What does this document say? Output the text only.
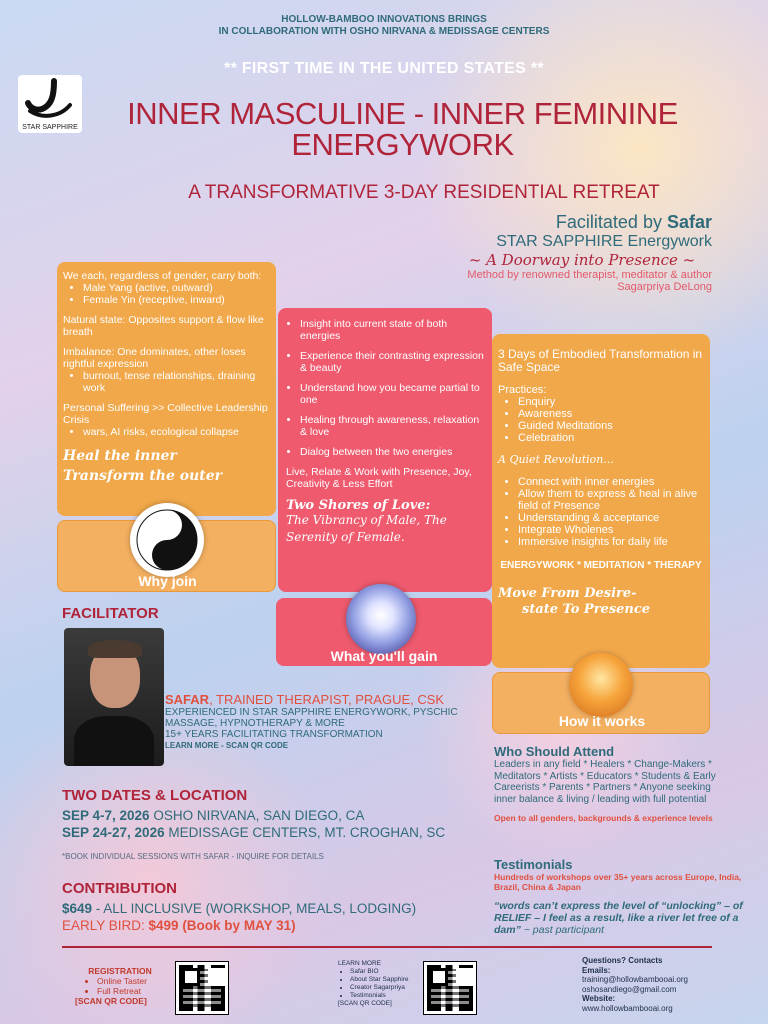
HOLLOW-BAMBOO INNOVATIONS BRINGS
IN COLLABORATION WITH OSHO NIRVANA & MEDISSAGE CENTERS
** FIRST TIME IN THE UNITED STATES **
STAR SAPPHIRE	INNER MASCULINE - INNER FEMININE
ENERGYWORK
A TRANSFORMATIVE 3-DAY RESIDENTIAL RETREAT
Facilitated by Safar
STAR SAPPHIRE Energywork
~ A Doorway into Presence ~
Method by renowned therapist, meditator & author
Sagarpriya DeLong
We each, regardless of gender, carry both:
• Male Yang (active, outward)
• Female Yin (receptive, inward)
Natural state: Opposites support & flow like breath
Imbalance: One dominates, other loses rightful expression
• burnout, tense relationships, draining work
Personal Suffering >> Collective Leadership Crisis
• wars, AI risks, ecological collapse
Heal the inner
Transform the outer
Why join
• Insight into current state of both energies
• Experience their contrasting expression & beauty
• Understand how you became partial to one
• Healing through awareness, relaxation & love
• Dialog between the two energies
Live, Relate & Work with Presence, Joy, Creativity & Less Effort
Two Shores of Love:
The Vibrancy of Male, The Serenity of Female.
What you'll gain
3 Days of Embodied Transformation in Safe Space
Practices:
• Enquiry
• Awareness
• Guided Meditations
• Celebration
A Quiet Revolution...
• Connect with inner energies
• Allow them to express & heal in alive field of Presence
• Understanding & acceptance
• Integrate Wholenes
• Immersive insights for daily life
ENERGYWORK * MEDITATION * THERAPY
Move From Desire-
state To Presence
How it works
FACILITATOR
SAFAR, TRAINED THERAPIST, PRAGUE, CSK
EXPERIENCED IN STAR SAPPHIRE ENERGYWORK, PYSCHIC MASSAGE, HYPNOTHERAPY & MORE
15+ YEARS FACILITATING TRANSFORMATION
LEARN MORE - SCAN QR CODE
TWO DATES & LOCATION
SEP 4-7, 2026 OSHO NIRVANA, SAN DIEGO, CA
SEP 24-27, 2026 MEDISSAGE CENTERS, MT. CROGHAN, SC
*BOOK INDIVIDUAL SESSIONS WITH SAFAR - INQUIRE FOR DETAILS
CONTRIBUTION
$649 - ALL INCLUSIVE (WORKSHOP, MEALS, LODGING)
EARLY BIRD: $499 (Book by MAY 31)
Who Should Attend
Leaders in any field * Healers * Change-Makers * Meditators * Artists * Educators * Students & Early Careerists * Parents * Partners * Anyone seeking inner balance & living / leading with full potential
Open to all genders, backgrounds & experience levels
Testimonials
Hundreds of workshops over 35+ years across Europe, India, Brazil, China & Japan
“words can’t express the level of “unlocking” – of RELIEF – I feel as a result, like a river let free of a dam” ~ past participant
REGISTRATION
• Online Taster
• Full Retreat
[SCAN QR CODE]
LEARN MORE
• Safar BIO
• About Star Sapphire
• Creator Sagarpriya
• Testimonials
[SCAN QR CODE]
Questions? Contacts
Emails:
training@hollowbambooai.org
oshosandiego@gmail.com
Website:
www.hollowbambooai.org
